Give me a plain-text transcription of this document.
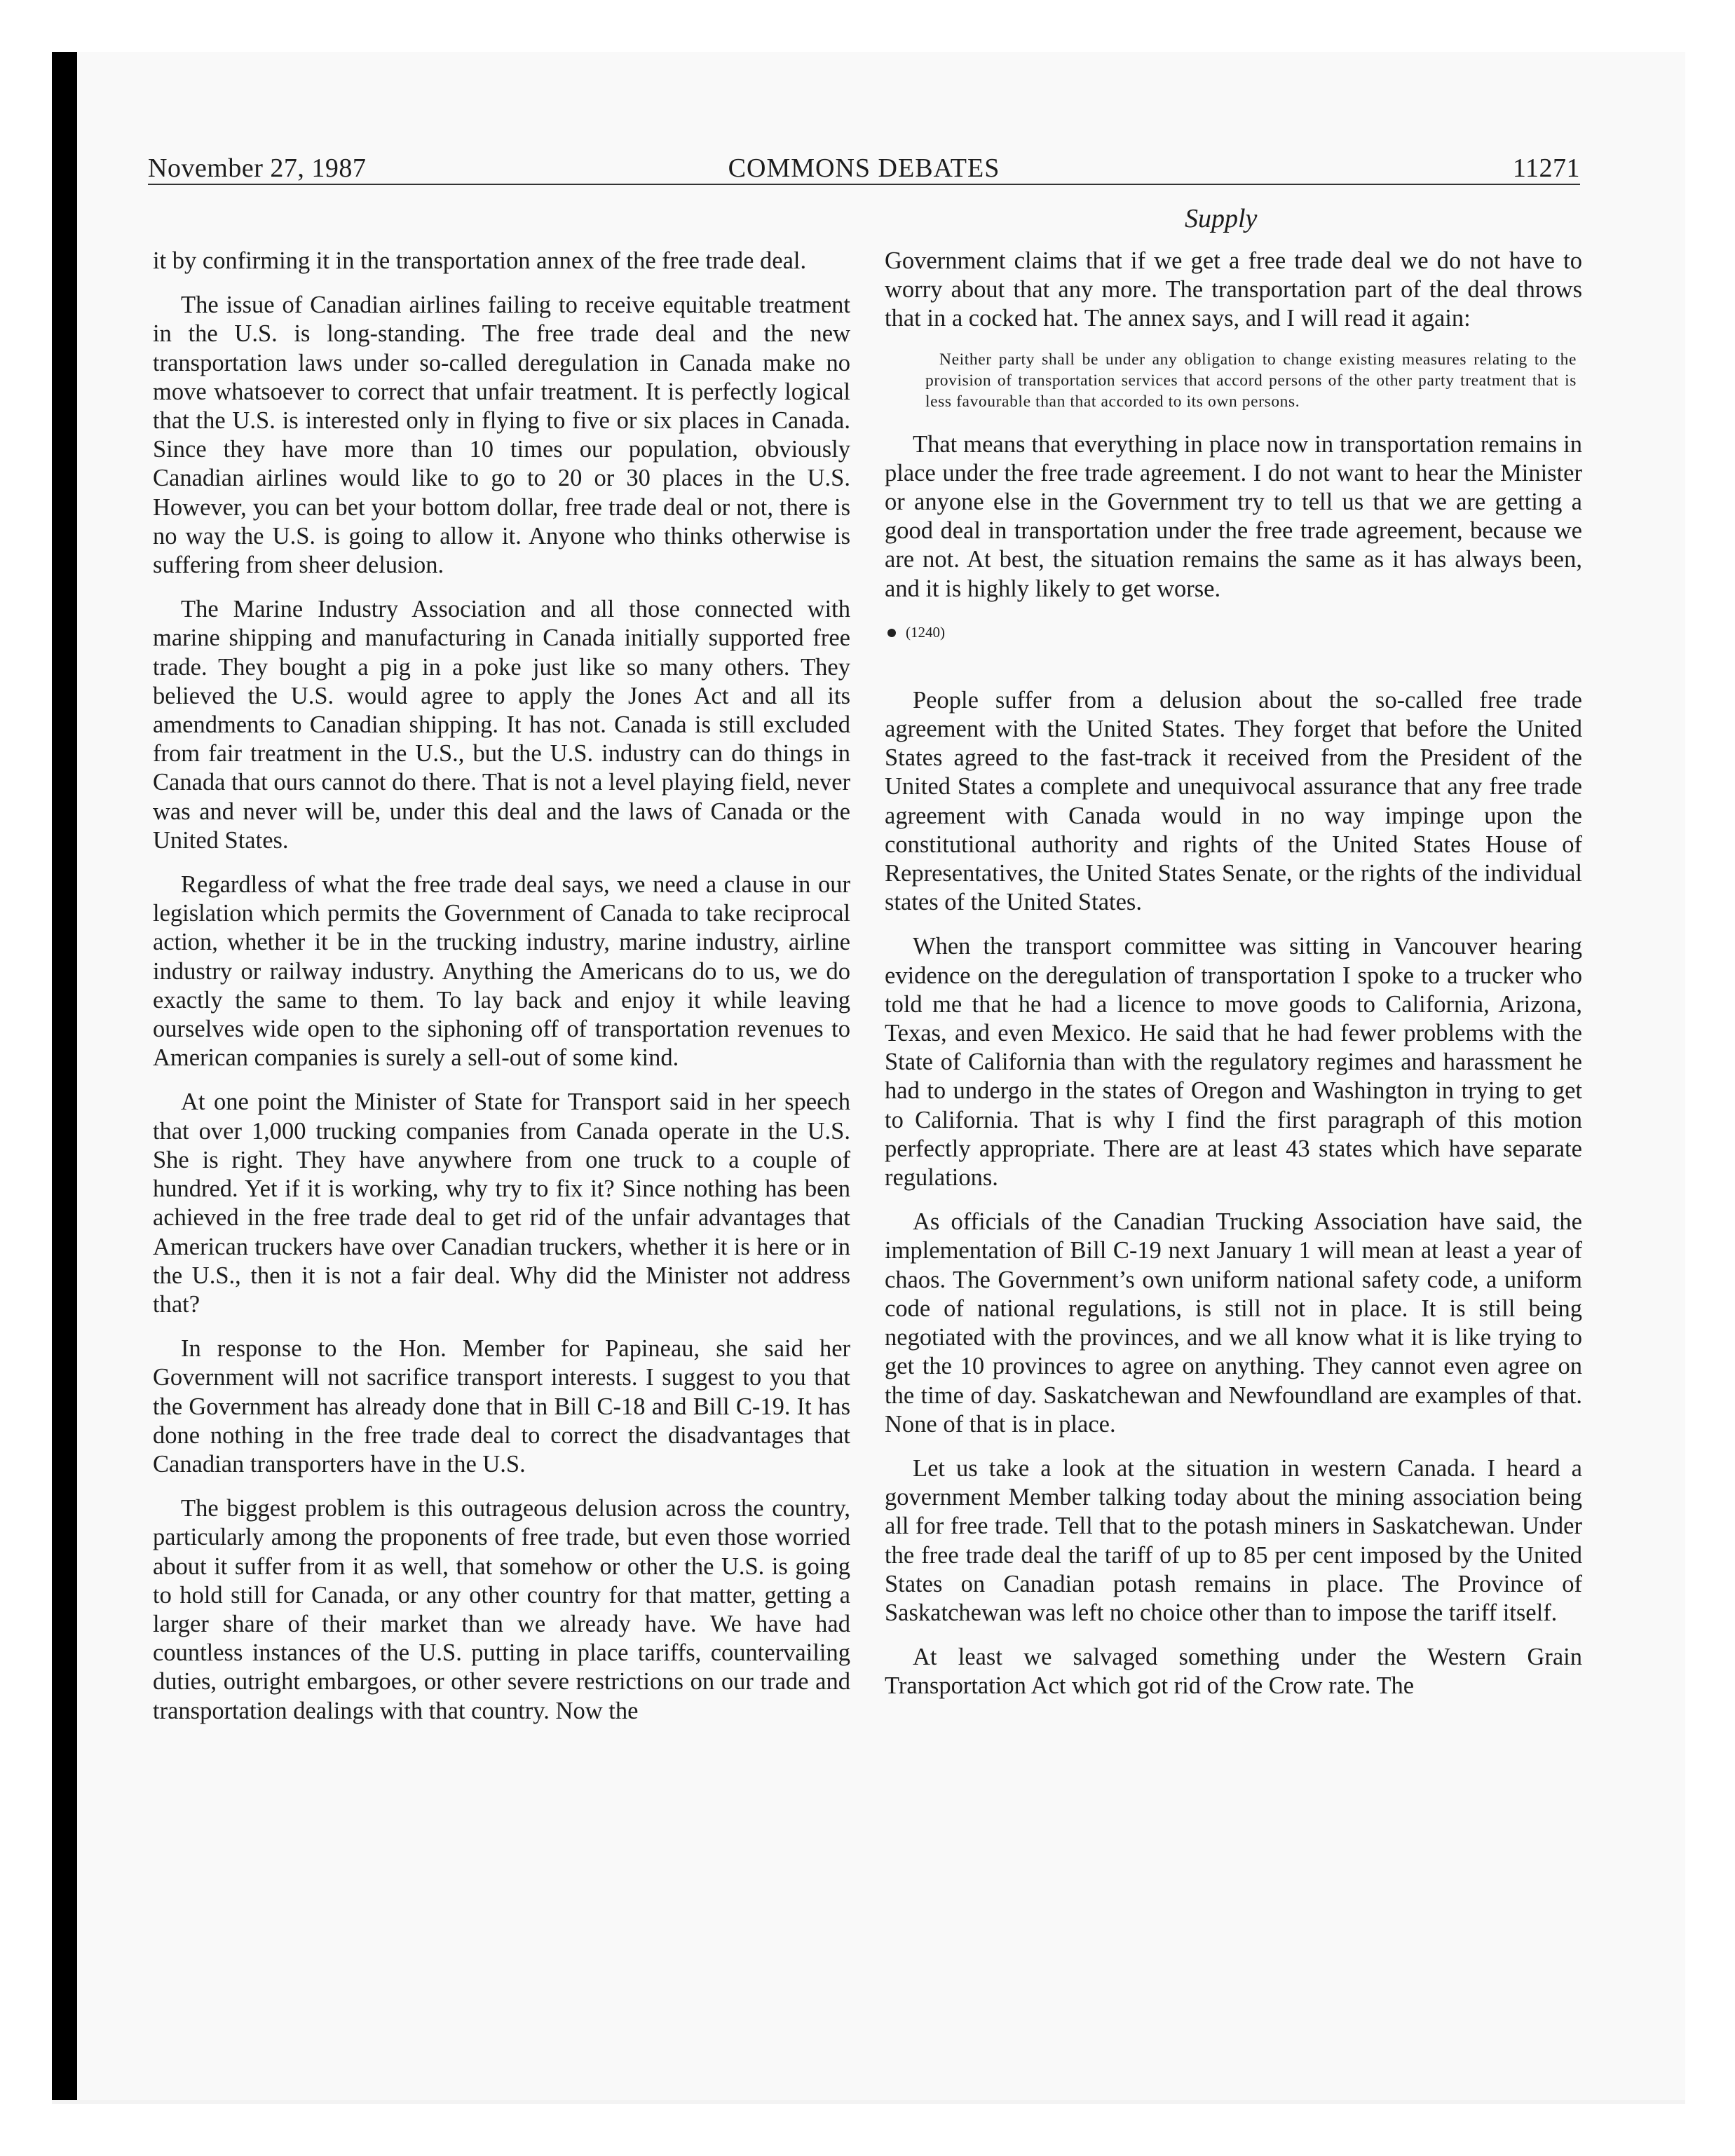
November 27, 1987	COMMONS DEBATES	11271
Supply

it by confirming it in the transportation annex of the free trade deal.

The issue of Canadian airlines failing to receive equitable treatment in the U.S. is long-standing. The free trade deal and the new transportation laws under so-called deregulation in Canada make no move whatsoever to correct that unfair treatment. It is perfectly logical that the U.S. is interested only in flying to five or six places in Canada. Since they have more than 10 times our population, obviously Canadian airlines would like to go to 20 or 30 places in the U.S. However, you can bet your bottom dollar, free trade deal or not, there is no way the U.S. is going to allow it. Anyone who thinks otherwise is suffering from sheer delusion.

The Marine Industry Association and all those connected with marine shipping and manufacturing in Canada initially supported free trade. They bought a pig in a poke just like so many others. They believed the U.S. would agree to apply the Jones Act and all its amendments to Canadian shipping. It has not. Canada is still excluded from fair treatment in the U.S., but the U.S. industry can do things in Canada that ours cannot do there. That is not a level playing field, never was and never will be, under this deal and the laws of Canada or the United States.

Regardless of what the free trade deal says, we need a clause in our legislation which permits the Government of Canada to take reciprocal action, whether it be in the trucking industry, marine industry, airline industry or railway industry. Anything the Americans do to us, we do exactly the same to them. To lay back and enjoy it while leaving ourselves wide open to the siphoning off of transportation revenues to American companies is surely a sell-out of some kind.

At one point the Minister of State for Transport said in her speech that over 1,000 trucking companies from Canada operate in the U.S. She is right. They have anywhere from one truck to a couple of hundred. Yet if it is working, why try to fix it? Since nothing has been achieved in the free trade deal to get rid of the unfair advantages that American truckers have over Canadian truckers, whether it is here or in the U.S., then it is not a fair deal. Why did the Minister not address that?

In response to the Hon. Member for Papineau, she said her Government will not sacrifice transport interests. I suggest to you that the Government has already done that in Bill C-18 and Bill C-19. It has done nothing in the free trade deal to correct the disadvantages that Canadian transporters have in the U.S.

The biggest problem is this outrageous delusion across the country, particularly among the proponents of free trade, but even those worried about it suffer from it as well, that somehow or other the U.S. is going to hold still for Canada, or any other country for that matter, getting a larger share of their market than we already have. We have had countless instances of the U.S. putting in place tariffs, countervailing duties, outright embargoes, or other severe restrictions on our trade and transportation dealings with that country. Now the

Government claims that if we get a free trade deal we do not have to worry about that any more. The transportation part of the deal throws that in a cocked hat. The annex says, and I will read it again:

Neither party shall be under any obligation to change existing measures relating to the provision of transportation services that accord persons of the other party treatment that is less favourable than that accorded to its own persons.

That means that everything in place now in transportation remains in place under the free trade agreement. I do not want to hear the Minister or anyone else in the Government try to tell us that we are getting a good deal in transportation under the free trade agreement, because we are not. At best, the situation remains the same as it has always been, and it is highly likely to get worse.

(1240)

People suffer from a delusion about the so-called free trade agreement with the United States. They forget that before the United States agreed to the fast-track it received from the President of the United States a complete and unequivocal assurance that any free trade agreement with Canada would in no way impinge upon the constitutional authority and rights of the United States House of Representatives, the United States Senate, or the rights of the individual states of the United States.

When the transport committee was sitting in Vancouver hearing evidence on the deregulation of transportation I spoke to a trucker who told me that he had a licence to move goods to California, Arizona, Texas, and even Mexico. He said that he had fewer problems with the State of California than with the regulatory regimes and harassment he had to undergo in the states of Oregon and Washington in trying to get to California. That is why I find the first paragraph of this motion perfectly appropriate. There are at least 43 states which have separate regulations.

As officials of the Canadian Trucking Association have said, the implementation of Bill C-19 next January 1 will mean at least a year of chaos. The Government’s own uniform national safety code, a uniform code of national regulations, is still not in place. It is still being negotiated with the provinces, and we all know what it is like trying to get the 10 provinces to agree on anything. They cannot even agree on the time of day. Saskatchewan and Newfoundland are examples of that. None of that is in place.

Let us take a look at the situation in western Canada. I heard a government Member talking today about the mining association being all for free trade. Tell that to the potash miners in Saskatchewan. Under the free trade deal the tariff of up to 85 per cent imposed by the United States on Canadian potash remains in place. The Province of Saskatchewan was left no choice other than to impose the tariff itself.

At least we salvaged something under the Western Grain Transportation Act which got rid of the Crow rate. The
